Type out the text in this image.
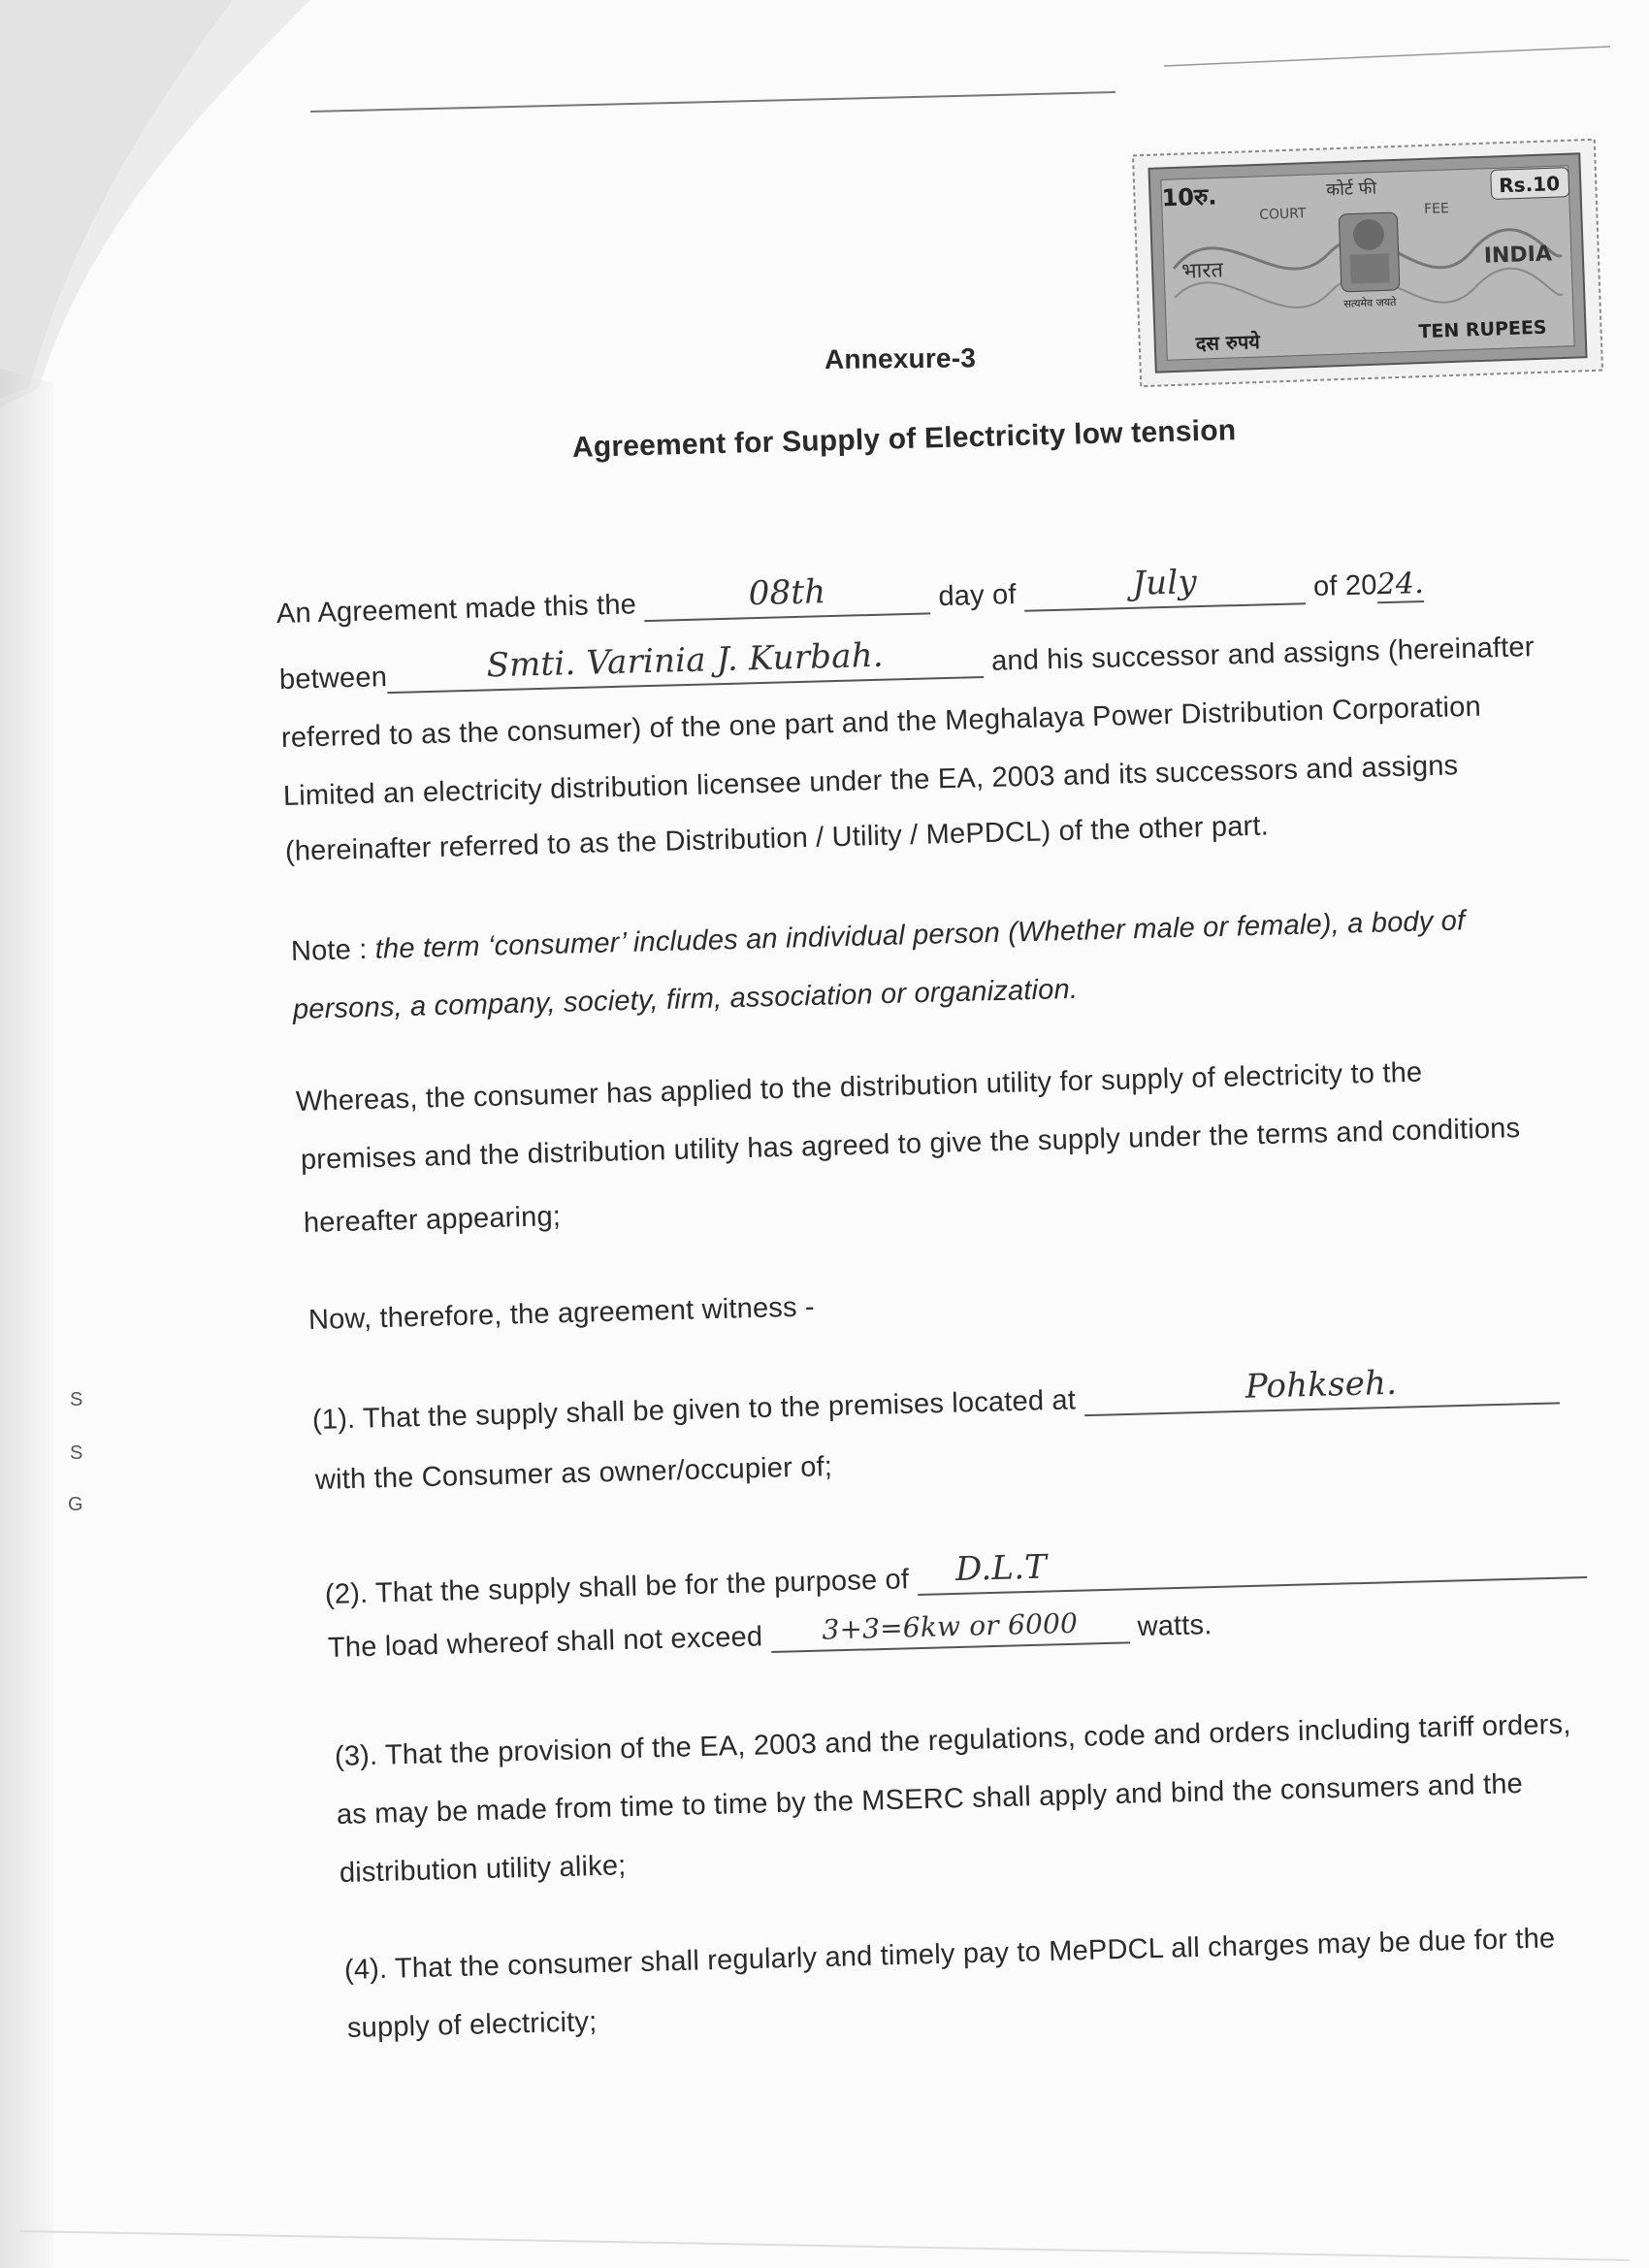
10रु.	Rs.10
कोर्ट फी
COURT	FEE
भारत
INDIA
सत्यमेव जयते
दस रुपये	TEN RUPEES
Annexure-3
Agreement for Supply of Electricity low tension
An Agreement made this the	08th	day of	July	of 2024.
between	Smti. Varinia J. Kurbah.	and his successor and assigns (hereinafter
referred to as the consumer) of the one part and the Meghalaya Power Distribution Corporation
Limited an electricity distribution licensee under the EA, 2003 and its successors and assigns
(hereinafter referred to as the Distribution / Utility / MePDCL) of the other part.
Note : the term ‘consumer’ includes an individual person (Whether male or female), a body of
persons, a company, society, firm, association or organization.
Whereas, the consumer has applied to the distribution utility for supply of electricity to the
premises and the distribution utility has agreed to give the supply under the terms and conditions
hereafter appearing;
Now, therefore, the agreement witness -
(1). That the supply shall be given to the premises located at	Pohkseh.
with the Consumer as owner/occupier of;
(2). That the supply shall be for the purpose of	D.L.T
The load whereof shall not exceed	3+3=6kw or 6000	watts.
(3). That the provision of the EA, 2003 and the regulations, code and orders including tariff orders,
as may be made from time to time by the MSERC shall apply and bind the consumers and the
distribution utility alike;
(4). That the consumer shall regularly and timely pay to MePDCL all charges may be due for the
supply of electricity;
S
S
G
